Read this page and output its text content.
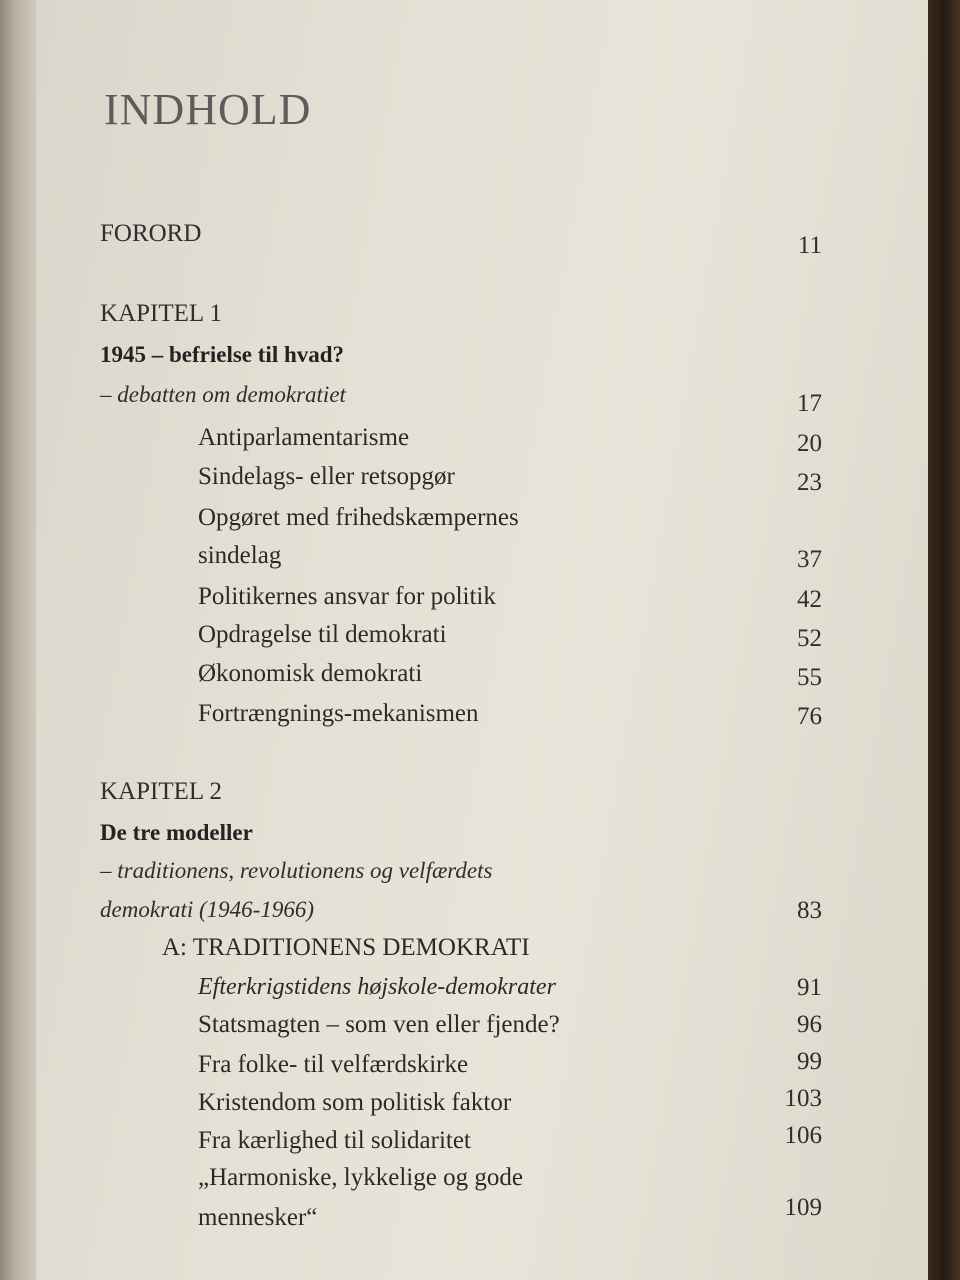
INDHOLD
FORORD	11
KAPITEL 1
1945 – befrielse til hvad?
– debatten om demokratiet	17
Antiparlamentarisme	20
Sindelags- eller retsopgør	23
Opgøret med frihedskæmpernes
sindelag	37
Politikernes ansvar for politik	42
Opdragelse til demokrati	52
Økonomisk demokrati	55
Fortrængnings-mekanismen	76
KAPITEL 2
De tre modeller
– traditionens, revolutionens og velfærdets
demokrati (1946-1966)	83
A: TRADITIONENS DEMOKRATI
Efterkrigstidens højskole-demokrater	91
Statsmagten – som ven eller fjende?	96
Fra folke- til velfærdskirke	99
Kristendom som politisk faktor	103
Fra kærlighed til solidaritet	106
„Harmoniske, lykkelige og gode
mennesker“	109
